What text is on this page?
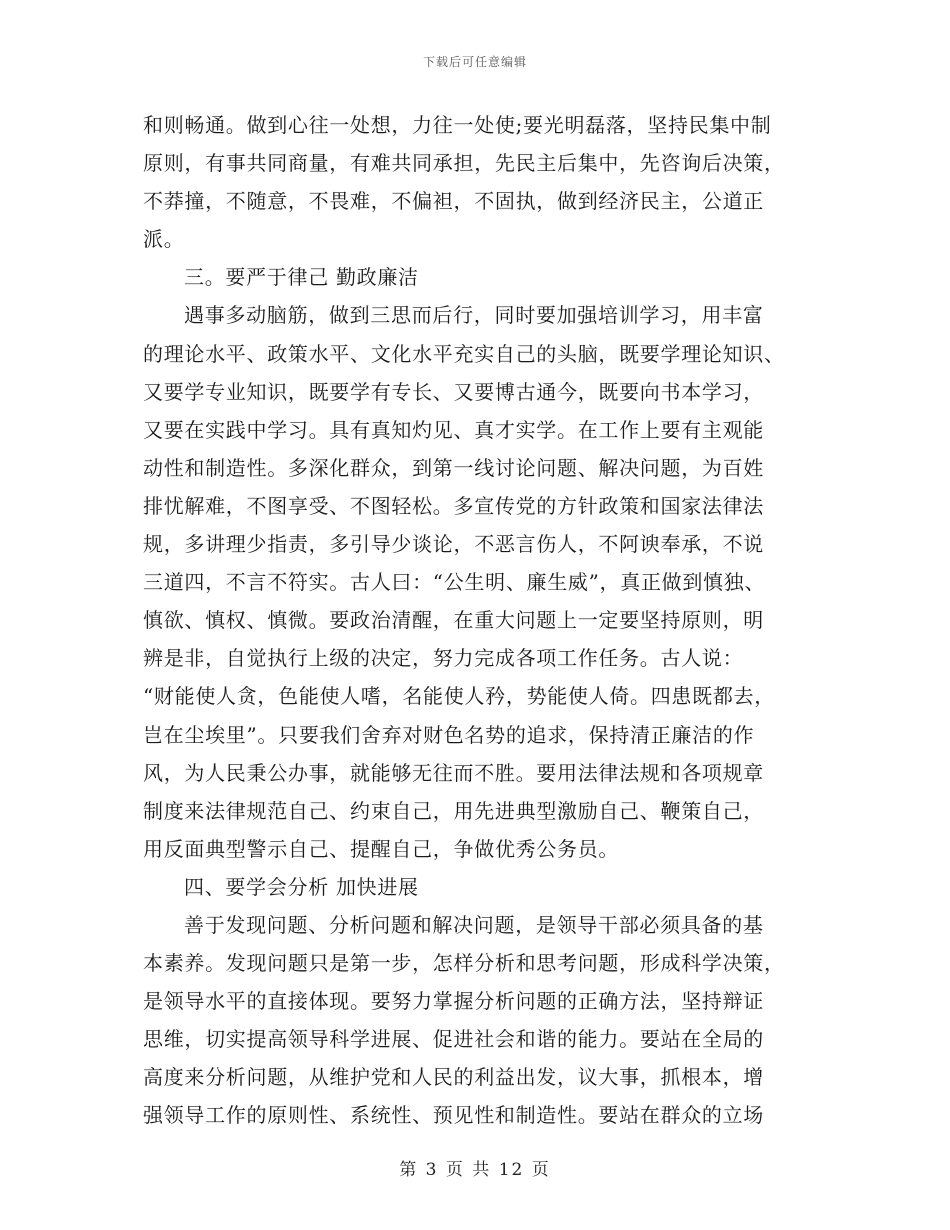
下载后可任意编辑
和则畅通。做到心往一处想，力往一处使;要光明磊落，坚持民集中制
原则，有事共同商量，有难共同承担，先民主后集中，先咨询后决策，
不莽撞，不随意，不畏难，不偏袒，不固执，做到经济民主，公道正
派。
三。要严于律己 勤政廉洁
遇事多动脑筋，做到三思而后行，同时要加强培训学习，用丰富
的理论水平、政策水平、文化水平充实自己的头脑，既要学理论知识、
又要学专业知识，既要学有专长、又要博古通今，既要向书本学习，
又要在实践中学习。具有真知灼见、真才实学。在工作上要有主观能
动性和制造性。多深化群众，到第一线讨论问题、解决问题，为百姓
排忧解难，不图享受、不图轻松。多宣传党的方针政策和国家法律法
规，多讲理少指责，多引导少谈论，不恶言伤人，不阿谀奉承，不说
三道四，不言不符实。古人曰：“公生明、廉生威”，真正做到慎独、
慎欲、慎权、慎微。要政治清醒，在重大问题上一定要坚持原则，明
辨是非，自觉执行上级的决定，努力完成各项工作任务。古人说：
“财能使人贪，色能使人嗜，名能使人矜，势能使人倚。四患既都去，
岂在尘埃里”。只要我们舍弃对财色名势的追求，保持清正廉洁的作
风，为人民秉公办事，就能够无往而不胜。要用法律法规和各项规章
制度来法律规范自己、约束自己，用先进典型激励自己、鞭策自己，
用反面典型警示自己、提醒自己，争做优秀公务员。
四、要学会分析 加快进展
善于发现问题、分析问题和解决问题，是领导干部必须具备的基
本素养。发现问题只是第一步，怎样分析和思考问题，形成科学决策，
是领导水平的直接体现。要努力掌握分析问题的正确方法，坚持辩证
思维，切实提高领导科学进展、促进社会和谐的能力。要站在全局的
高度来分析问题，从维护党和人民的利益出发，议大事，抓根本，增
强领导工作的原则性、系统性、预见性和制造性。要站在群众的立场
第 3 页 共 12 页
